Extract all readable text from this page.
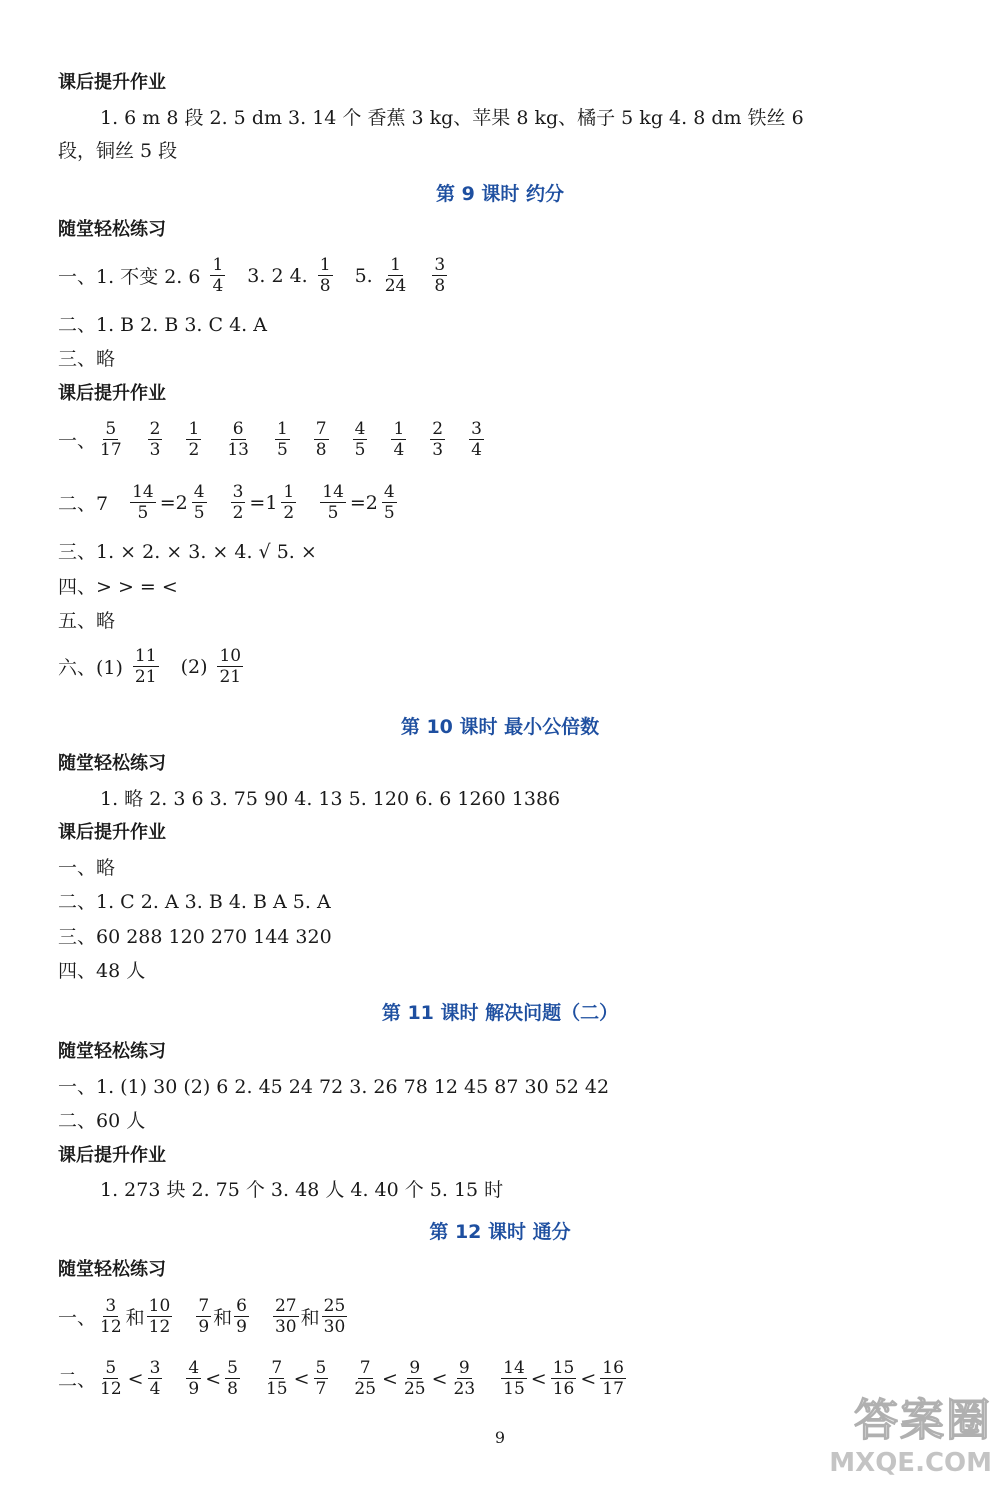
课后提升作业
1. 6 m 8 段 2. 5 dm 3. 14 个 香蕉 3 kg、苹果 8 kg、橘子 5 kg 4. 8 dm 铁丝 6
段，铜丝 5 段
第 9 课时 约分
随堂轻松练习
一、1. 不变 2. $6 \frac{1}{4} 3$. 2 4. $\frac{1}{8} 5$. $\frac{1}{24} \frac{3}{8}$
二、1. B 2. B 3. C 4. A
三、略
课后提升作业
一、 $\frac{5}{17} \frac{2}{3} \frac{1}{2} \frac{6}{13} \frac{1}{5} \frac{7}{8} \frac{4}{5} \frac{1}{4} \frac{2}{3} \frac{3}{4}$
二、$7 \frac{14}{5} =2 \frac{4}{5} \frac{3}{2} =1 \frac{1}{2} \frac{14}{5} =2 \frac{4}{5}$
三、1. × 2. × 3. × 4. √ 5. ×
四、> > = <
五、略
六、$(1) \frac{11}{21} (2) \frac{10}{21}$
第 10 课时 最小公倍数
随堂轻松练习
1. 略 2. 3 6 3. 75 90 4. 13 5. 120 6. 6 1260 1386
课后提升作业
一、略
二、1. C 2. A 3. B 4. B A 5. A
三、60 288 120 270 144 320
四、48 人
第 11 课时 解决问题（二）
随堂轻松练习
一、1. (1) 30 (2) 6 2. 45 24 72 3. 26 78 12 45 87 30 52 42
二、60 人
课后提升作业
1. 273 块 2. 75 个 3. 48 人 4. 40 个 5. 15 时
第 12 课时 通分
随堂轻松练习
一、 $\frac{3}{12}$ 和 $\frac{10}{12} \frac{7}{9}$ 和 $\frac{6}{9} \frac{27}{30}$ 和 $\frac{25}{30}$
二、 $\frac{5}{12} < \frac{3}{4} \frac{4}{9} < \frac{5}{8} \frac{7}{15} < \frac{5}{7} \frac{7}{25} < \frac{9}{25} < \frac{9}{23} \frac{14}{15} < \frac{15}{16} < \frac{16}{17}$
9	答案圈
MXQE.COM
